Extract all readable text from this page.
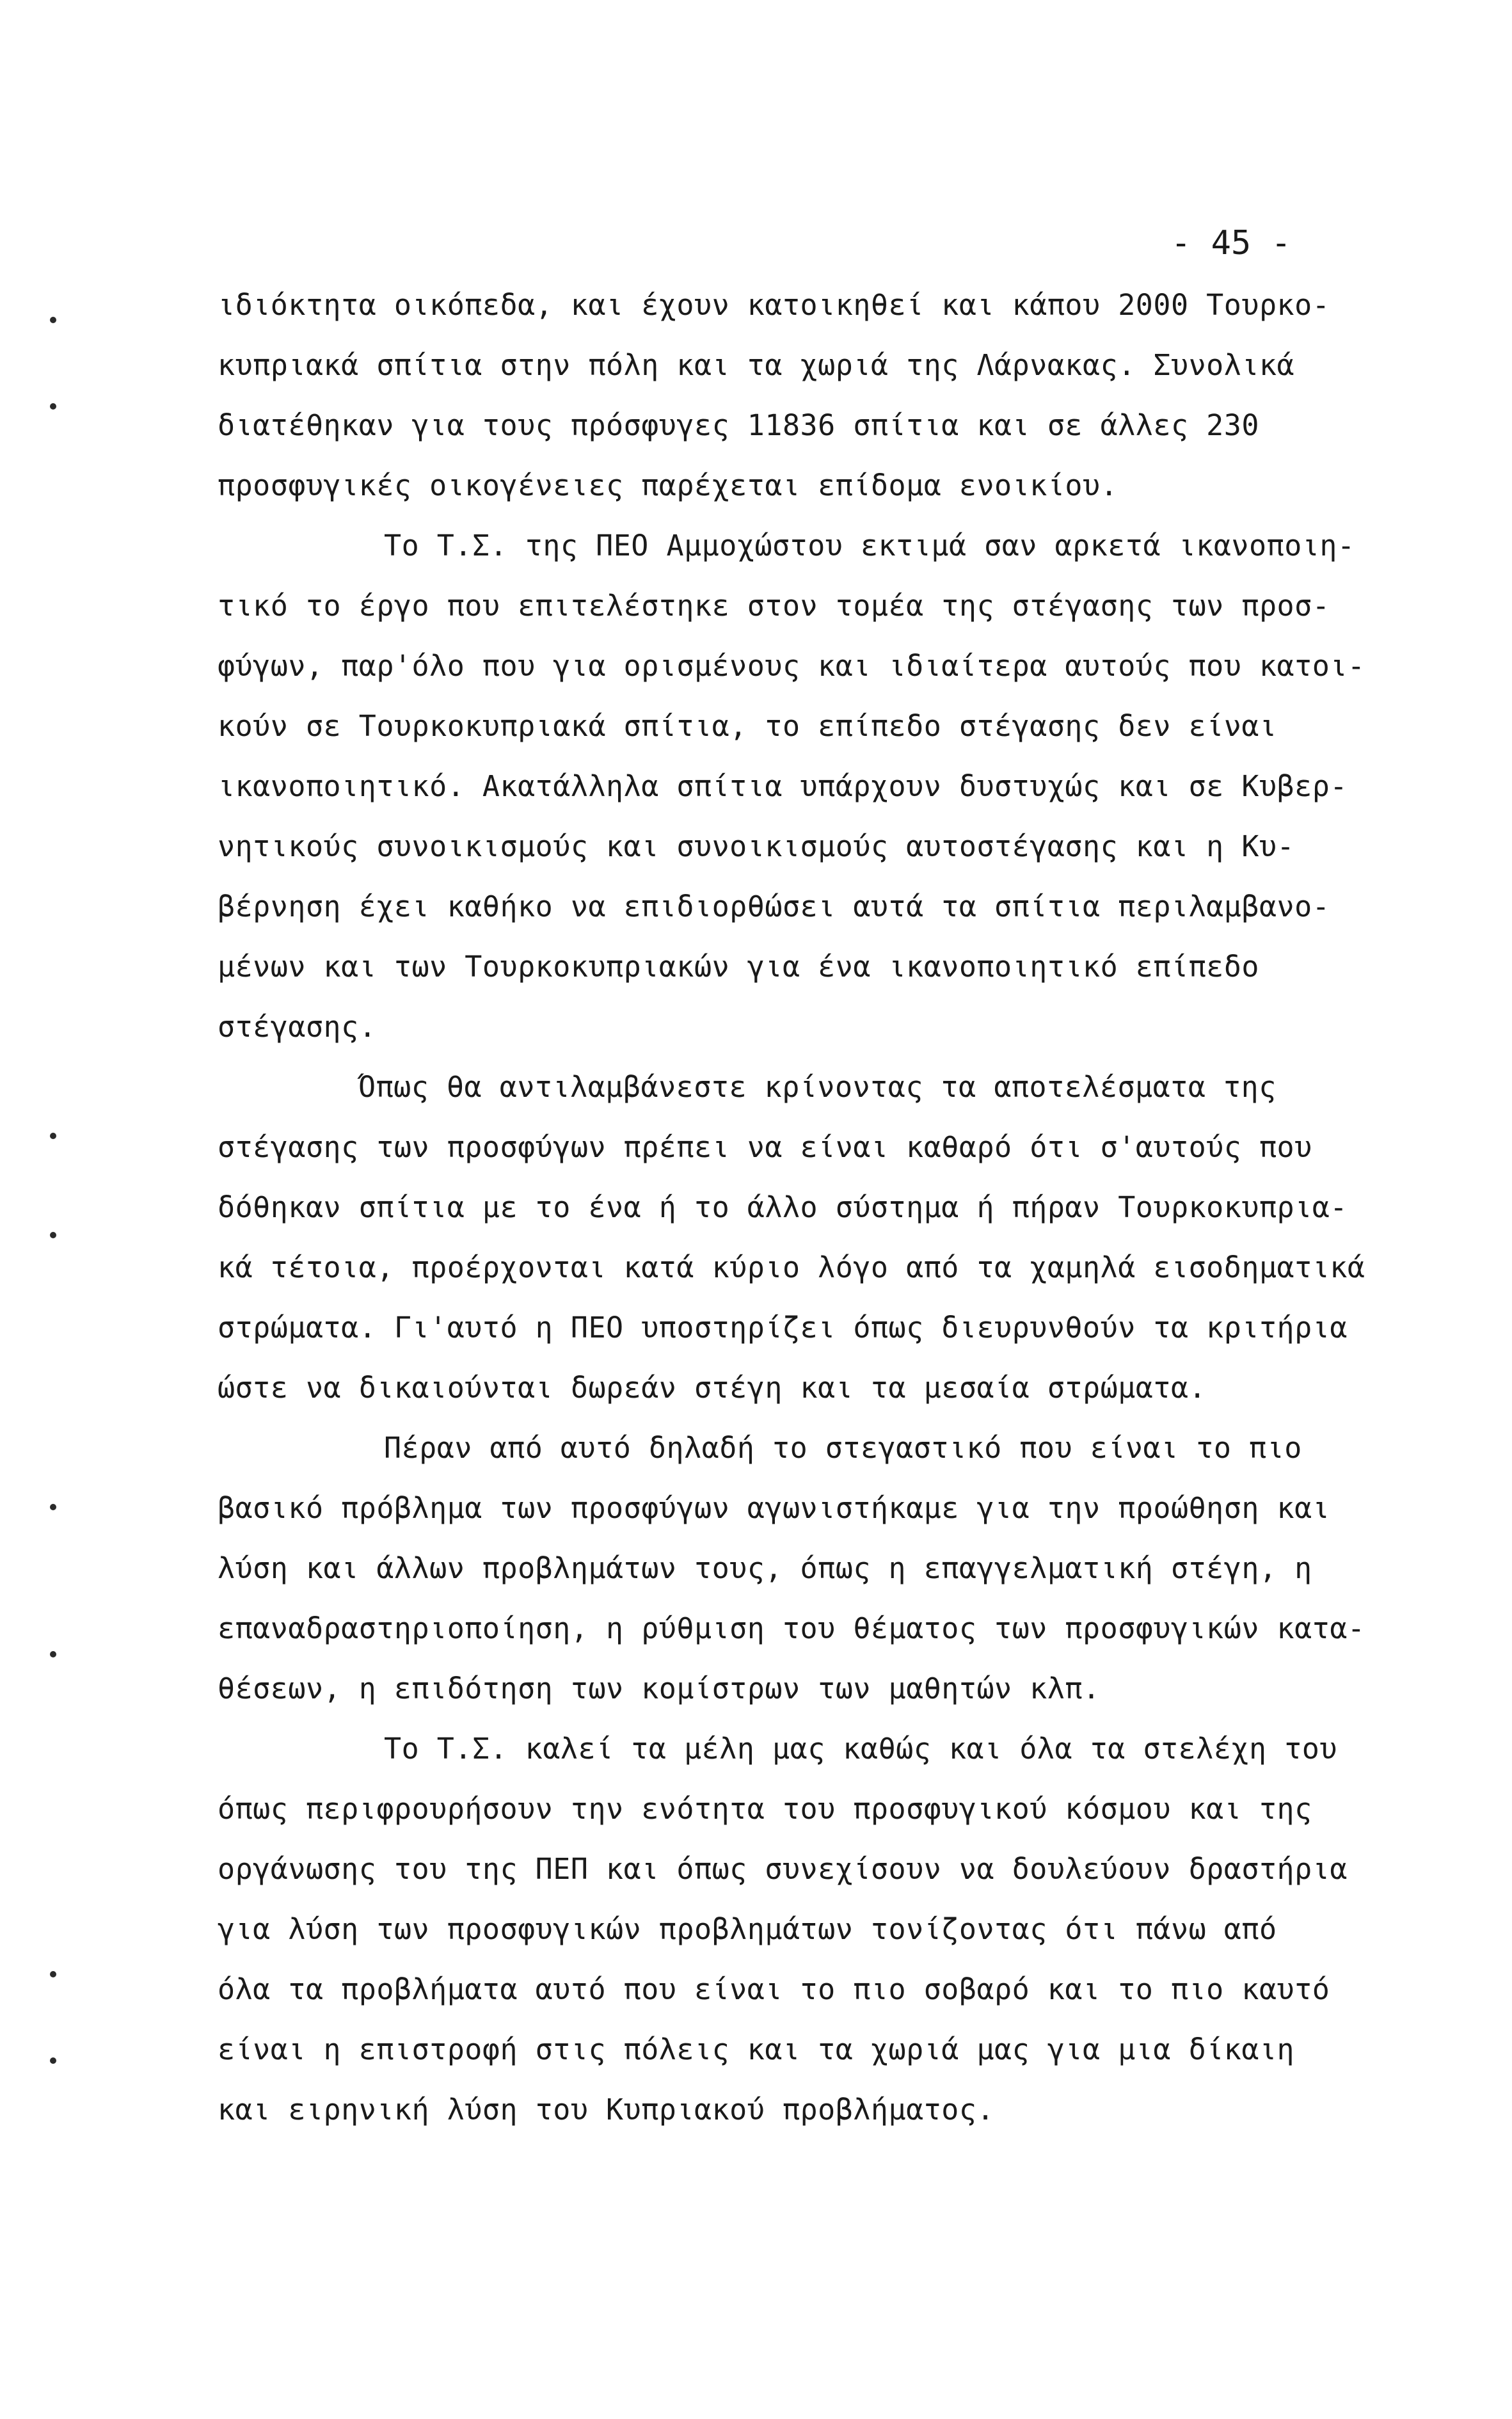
- 45 -
ιδιόκτητα οικόπεδα, και έχουν κατοικηθεί και κάπου 2000 Τουρκο-
κυπριακά σπίτια στην πόλη και τα χωριά της Λάρνακας. Συνολικά
διατέθηκαν για τους πρόσφυγες 11836 σπίτια και σε άλλες 230
προσφυγικές οικογένειες παρέχεται επίδομα ενοικίου.
Το Τ.Σ. της ΠΕΟ Αμμοχώστου εκτιμά σαν αρκετά ικανοποιη-
τικό το έργο που επιτελέστηκε στον τομέα της στέγασης των προσ-
φύγων, παρ'όλο που για ορισμένους και ιδιαίτερα αυτούς που κατοι-
κούν σε Τουρκοκυπριακά σπίτια, το επίπεδο στέγασης δεν είναι
ικανοποιητικό. Ακατάλληλα σπίτια υπάρχουν δυστυχώς και σε Κυβερ-
νητικούς συνοικισμούς και συνοικισμούς αυτοστέγασης και η Κυ-
βέρνηση έχει καθήκο να επιδιορθώσει αυτά τα σπίτια περιλαμβανο-
μένων και των Τουρκοκυπριακών για ένα ικανοποιητικό επίπεδο
στέγασης.
Όπως θα αντιλαμβάνεστε κρίνοντας τα αποτελέσματα της
στέγασης των προσφύγων πρέπει να είναι καθαρό ότι σ'αυτούς που
δόθηκαν σπίτια με το ένα ή το άλλο σύστημα ή πήραν Τουρκοκυπρια-
κά τέτοια, προέρχονται κατά κύριο λόγο από τα χαμηλά εισοδηματικά
στρώματα. Γι'αυτό η ΠΕΟ υποστηρίζει όπως διευρυνθούν τα κριτήρια
ώστε να δικαιούνται δωρεάν στέγη και τα μεσαία στρώματα.
Πέραν από αυτό δηλαδή το στεγαστικό που είναι το πιο
βασικό πρόβλημα των προσφύγων αγωνιστήκαμε για την προώθηση και
λύση και άλλων προβλημάτων τους, όπως η επαγγελματική στέγη, η
επαναδραστηριοποίηση, η ρύθμιση του θέματος των προσφυγικών κατα-
θέσεων, η επιδότηση των κομίστρων των μαθητών κλπ.
Το Τ.Σ. καλεί τα μέλη μας καθώς και όλα τα στελέχη του
όπως περιφρουρήσουν την ενότητα του προσφυγικού κόσμου και της
οργάνωσης του της ΠΕΠ και όπως συνεχίσουν να δουλεύουν δραστήρια
για λύση των προσφυγικών προβλημάτων τονίζοντας ότι πάνω από
όλα τα προβλήματα αυτό που είναι το πιο σοβαρό και το πιο καυτό
είναι η επιστροφή στις πόλεις και τα χωριά μας για μια δίκαιη
και ειρηνική λύση του Κυπριακού προβλήματος.
